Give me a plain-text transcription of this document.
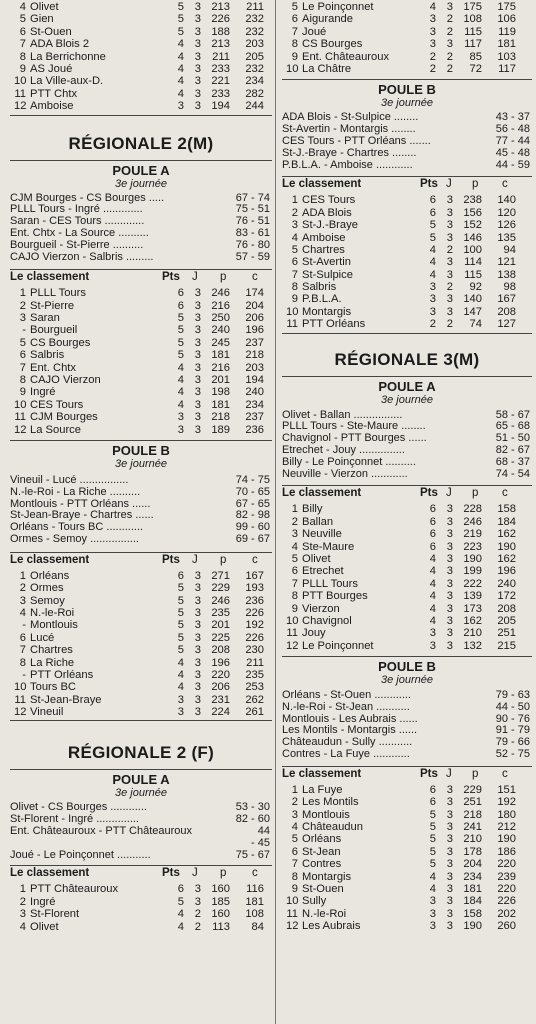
4 Olivet	5 3 213	211
5 Gien	5 3 226	232
6 St-Ouen	5 3 188	232
7 ADA Blois 2	4 3 213	203
8 La Berrichonne	4 3 211	205
9 AS Joué	4 3 233	232
10 La Ville-aux-D.	4 3 221	234
11 PTT Chtx	4 3 233	282
12 Amboise	3 3 194	244
RÉGIONALE 2(M)
POULE A
3e journée
CJM Bourges - CS Bourges .....	67 - 74
PLLL Tours - Ingré .............	75 - 51
Saran - CES Tours .............	76 - 51
Ent. Chtx - La Source ..........	83 - 61
Bourgueil - St-Pierre ..........	76 - 80
CAJO Vierzon - Salbris .........	57 - 59
Le classement	Pts J p c
1 PLLL Tours	6 3 246	174
2 St-Pierre	6 3 216	204
3 Saran	5 3 250	206
- Bourgueil	5 3 240	196
5 CS Bourges	5 3 245	237
6 Salbris	5 3 181	218
7 Ent. Chtx	4 3 216	203
8 CAJO Vierzon	4 3 201	194
9 Ingré	4 3 198	240
10 CES Tours	4 3 181	234
11 CJM Bourges	3 3 218	237
12 La Source	3 3 189	236
POULE B
3e journée
Vineuil - Lucé ................	74 - 75
N.-le-Roi - La Riche ..........	70 - 65
Montlouis - PTT Orléans ......	67 - 65
St-Jean-Braye - Chartres ......	82 - 98
Orléans - Tours BC ............	99 - 60
Ormes - Semoy ................	69 - 67
Le classement	Pts J p c
1 Orléans	6 3 271	167
2 Ormes	5 3 229	193
3 Semoy	5 3 246	236
4 N.-le-Roi	5 3 235	226
- Montlouis	5 3 201	192
6 Lucé	5 3 225	226
7 Chartres	5 3 208	230
8 La Riche	4 3 196	211
- PTT Orléans	4 3 220	235
10 Tours BC	4 3 206	253
11 St-Jean-Braye	3 3 231	262
12 Vineuil	3 3 224	261
RÉGIONALE 2 (F)
POULE A
3e journée
Olivet - CS Bourges ............	53 - 30
St-Florent - Ingré ..............	82 - 60
Ent. Châteauroux - PTT Châteauroux	44
- 45
Joué - Le Poinçonnet ...........	75 - 67
Le classement	Pts J p c
1 PTT Châteauroux	6 3 160	116
2 Ingré	5 3 185	181
3 St-Florent	4 2 160	108
4 Olivet	4 2 113	84
5 Le Poinçonnet	4 3 175	175
6 Aigurande	3 2 108	106
7 Joué	3 2 115	119
8 CS Bourges	3 3 117	181
9 Ent. Châteauroux	2 2	85	103
10 La Châtre	2 2	72	117
POULE B
3e journée
ADA Blois - St-Sulpice ........	43 - 37
St-Avertin - Montargis ........	56 - 48
CES Tours - PTT Orléans .......	77 - 44
St-J.-Braye - Chartres ........	45 - 48
P.B.L.A. - Amboise ............	44 - 59
Le classement	Pts J p c
1 CES Tours	6 3 238	140
2 ADA Blois	6 3 156	120
3 St-J.-Braye	5 3 152	126
4 Amboise	5 3 146	135
5 Chartres	4 2 100	94
6 St-Avertin	4 3 114	121
7 St-Sulpice	4 3 115	138
8 Salbris	3 2	92	98
9 P.B.L.A.	3 3 140	167
10 Montargis	3 3 147	208
11 PTT Orléans	2 2	74	127
RÉGIONALE 3(M)
POULE A
3e journée
Olivet - Ballan ................	58 - 67
PLLL Tours - Ste-Maure ........	65 - 68
Chavignol - PTT Bourges ......	51 - 50
Etrechet - Jouy ...............	82 - 67
Billy - Le Poinçonnet ..........	68 - 37
Neuville - Vierzon ............	74 - 54
Le classement	Pts J p c
1 Billy	6 3 228	158
2 Ballan	6 3 246	184
3 Neuville	6 3 219	162
4 Ste-Maure	6 3 223	190
5 Olivet	4 3 190	162
6 Etrechet	4 3 199	196
7 PLLL Tours	4 3 222	240
8 PTT Bourges	4 3 139	172
9 Vierzon	4 3 173	208
10 Chavignol	4 3 162	205
11 Jouy	3 3 210	251
12 Le Poinçonnet	3 3 132	215
POULE B
3e journée
Orléans - St-Ouen ............	79 - 63
N.-le-Roi - St-Jean ...........	44 - 50
Montlouis - Les Aubrais ......	90 - 76
Les Montils - Montargis ......	91 - 79
Châteaudun - Sully ...........	79 - 66
Contres - La Fuye ............	52 - 75
Le classement	Pts J p c
1 La Fuye	6 3 229	151
2 Les Montils	6 3 251	192
3 Montlouis	5 3 218	180
4 Châteaudun	5 3 241	212
5 Orléans	5 3 210	190
6 St-Jean	5 3 178	186
7 Contres	5 3 204	220
8 Montargis	4 3 234	239
9 St-Ouen	4 3 181	220
10 Sully	3 3 184	226
11 N.-le-Roi	3 3 158	202
12 Les Aubrais	3 3 190	260
